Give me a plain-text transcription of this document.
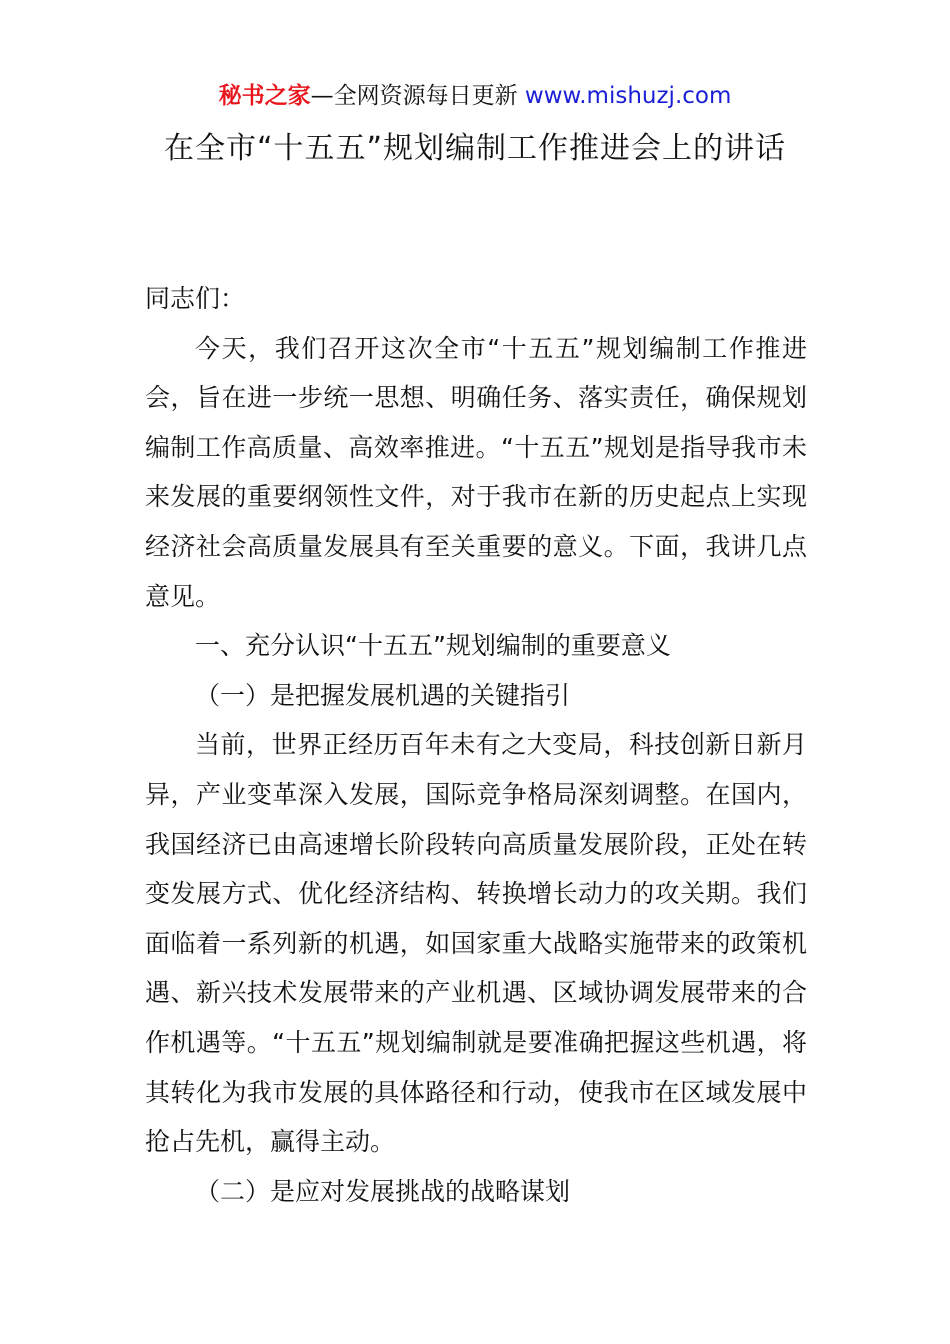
秘书之家—全网资源每日更新 www.mishuzj.com
在全市“十五五”规划编制工作推进会上的讲话

同志们：

今天，我们召开这次全市“十五五”规划编制工作推进会，旨在进一步统一思想、明确任务、落实责任，确保规划编制工作高质量、高效率推进。“十五五”规划是指导我市未来发展的重要纲领性文件，对于我市在新的历史起点上实现经济社会高质量发展具有至关重要的意义。下面，我讲几点意见。

一、充分认识“十五五”规划编制的重要意义

（一）是把握发展机遇的关键指引

当前，世界正经历百年未有之大变局，科技创新日新月异，产业变革深入发展，国际竞争格局深刻调整。在国内，我国经济已由高速增长阶段转向高质量发展阶段，正处在转变发展方式、优化经济结构、转换增长动力的攻关期。我们面临着一系列新的机遇，如国家重大战略实施带来的政策机遇、新兴技术发展带来的产业机遇、区域协调发展带来的合作机遇等。“十五五”规划编制就是要准确把握这些机遇，将其转化为我市发展的具体路径和行动，使我市在区域发展中抢占先机，赢得主动。

（二）是应对发展挑战的战略谋划
